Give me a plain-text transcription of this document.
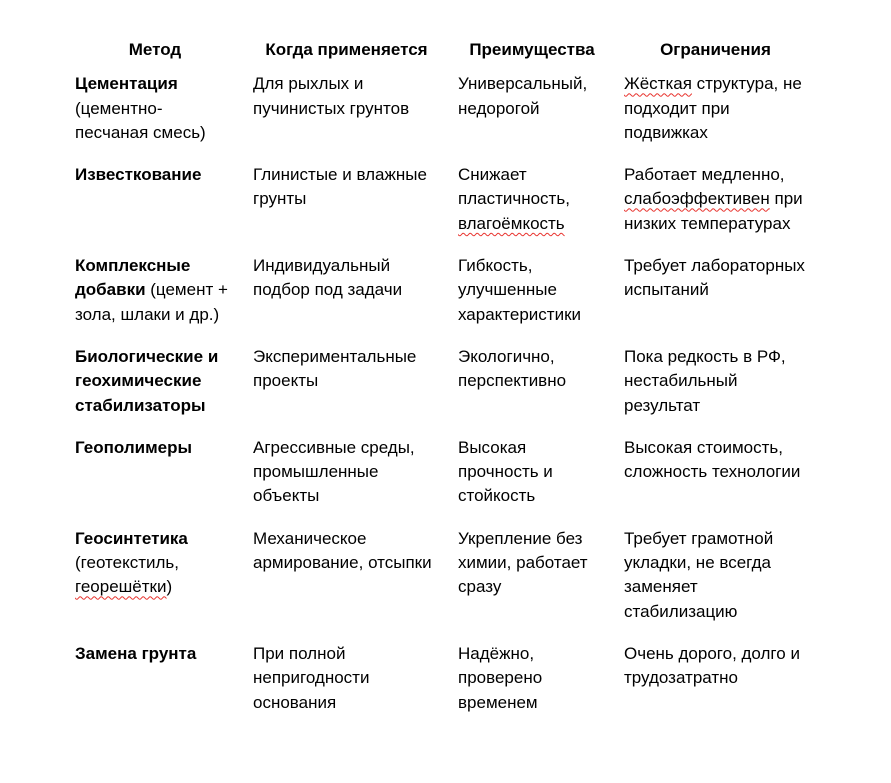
Метод	Когда применяется	Преимущества	Ограничения
Цементация (цементно-песчаная смесь)	Для рыхлых и пучинистых грунтов	Универсальный, недорогой	Жёсткая структура, не подходит при подвижках
Известкование	Глинистые и влажные грунты	Снижает пластичность, влагоёмкость	Работает медленно, слабоэффективен при низких температурах
Комплексные добавки (цемент + зола, шлаки и др.)	Индивидуальный подбор под задачи	Гибкость, улучшенные характеристики	Требует лабораторных испытаний
Биологические и геохимические стабилизаторы	Экспериментальные проекты	Экологично, перспективно	Пока редкость в РФ, нестабильный результат
Геополимеры	Агрессивные среды, промышленные объекты	Высокая прочность и стойкость	Высокая стоимость, сложность технологии
Геосинтетика (геотекстиль, георешётки)	Механическое армирование, отсыпки	Укрепление без химии, работает сразу	Требует грамотной укладки, не всегда заменяет стабилизацию
Замена грунта	При полной непригодности основания	Надёжно, проверено временем	Очень дорого, долго и трудозатратно
